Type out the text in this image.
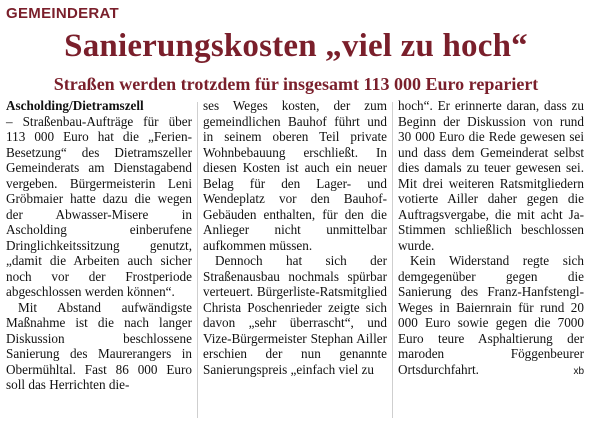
GEMEINDERAT
Sanierungskosten „viel zu hoch“
Straßen werden trotzdem für insgesamt 113 000 Euro repariert

Ascholding/Dietramszell
– Straßenbau-Aufträge für über 113 000 Euro hat die „Ferien-Besetzung“ des Dietramszeller Gemeinderats am Dienstagabend vergeben. Bürgermeisterin Leni Gröbmaier hatte dazu die wegen der Abwasser-Misere in Ascholding einberufene Dringlichkeitssitzung genutzt, „damit die Arbeiten auch sicher noch vor der Frostperiode abgeschlossen werden können“.

Mit Abstand aufwändigste Maßnahme ist die nach langer Diskussion beschlossene Sanierung des Maurerangers in Obermühltal. Fast 86 000 Euro soll das Herrichten die-

ses Weges kosten, der zum gemeindlichen Bauhof führt und in seinem oberen Teil private Wohnbebauung erschließt. In diesen Kosten ist auch ein neuer Belag für den Lager- und Wendeplatz vor den Bauhof-Gebäuden enthalten, für den die Anlieger nicht unmittelbar aufkommen müssen.

Dennoch hat sich der Straßenausbau nochmals spürbar verteuert. Bürgerliste-Ratsmitglied Christa Poschenrieder zeigte sich davon „sehr überrascht“, und Vize-Bürgermeister Stephan Ailler erschien der nun genannte Sanierungspreis „einfach viel zu

hoch“. Er erinnerte daran, dass zu Beginn der Diskussion von rund 30 000 Euro die Rede gewesen sei und dass dem Gemeinderat selbst dies damals zu teuer gewesen sei. Mit drei weiteren Ratsmitgliedern votierte Ailler daher gegen die Auftragsvergabe, die mit acht Ja-Stimmen schließlich beschlossen wurde.

Kein Widerstand regte sich demgegenüber gegen die Sanierung des Franz-Hanfstengl-Weges in Baiernrain für rund 20 000 Euro sowie gegen die 7000 Euro teure Asphaltierung der maroden Föggenbeurer Ortsdurchfahrt.	xb
